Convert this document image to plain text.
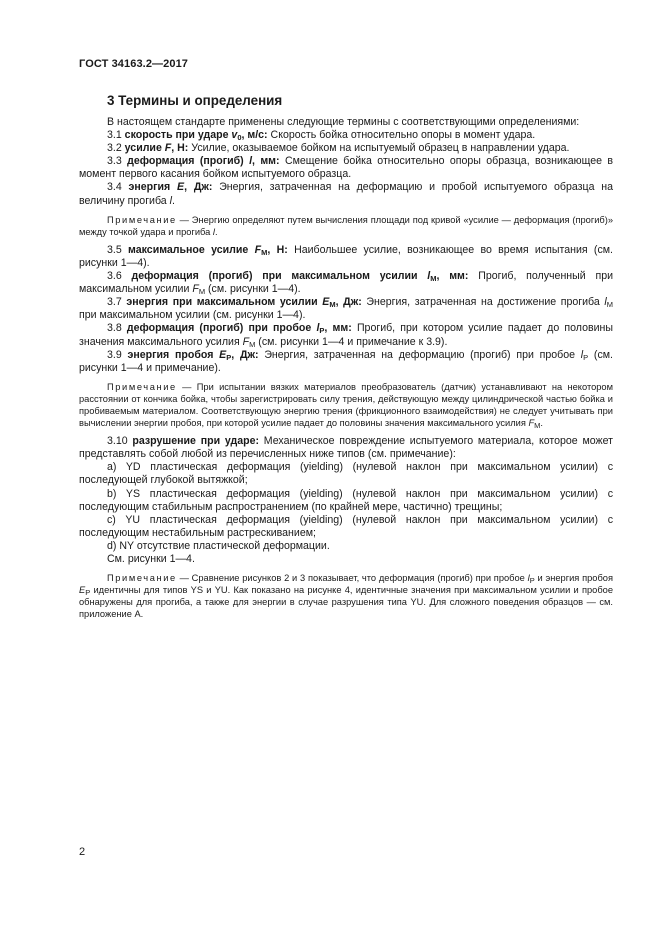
ГОСТ 34163.2—2017
3 Термины и определения

В настоящем стандарте применены следующие термины с соответствующими определениями:

3.1 скорость при ударе $v_0$, м/с: Скорость бойка относительно опоры в момент удара.

3.2 усилие F, Н: Усилие, оказываемое бойком на испытуемый образец в направлении удара.

3.3 деформация (прогиб) l, мм: Смещение бойка относительно опоры образца, возникающее в момент первого касания бойком испытуемого образца.

3.4 энергия E, Дж: Энергия, затраченная на деформацию и пробой испытуемого образца на величину прогиба l.

Примечание — Энергию определяют путем вычисления площади под кривой «усилие — деформация (прогиб)» между точкой удара и прогиба l.

3.5 максимальное усилие $F_M$, Н: Наибольшее усилие, возникающее во время испытания (см. рисунки 1—4).

3.6 деформация (прогиб) при максимальном усилии $l_M$, мм: Прогиб, полученный при максимальном усилии $F_M$ (см. рисунки 1—4).

3.7 энергия при максимальном усилии $E_M$, Дж: Энергия, затраченная на достижение прогиба $l_M$ при максимальном усилии (см. рисунки 1—4).

3.8 деформация (прогиб) при пробое $l_P$, мм: Прогиб, при котором усилие падает до половины значения максимального усилия $F_M$ (см. рисунки 1—4 и примечание к 3.9).

3.9 энергия пробоя $E_P$, Дж: Энергия, затраченная на деформацию (прогиб) при пробое $l_P$ (см. рисунки 1—4 и примечание).

Примечание — При испытании вязких материалов преобразователь (датчик) устанавливают на некотором расстоянии от кончика бойка, чтобы зарегистрировать силу трения, действующую между цилиндрической частью бойка и пробиваемым материалом. Соответствующую энергию трения (фрикционного взаимодействия) не следует учитывать при вычислении энергии пробоя, при которой усилие падает до половины значения максимального усилия $F_M$.

3.10 разрушение при ударе: Механическое повреждение испытуемого материала, которое может представлять собой любой из перечисленных ниже типов (см. примечание):

a) YD пластическая деформация (yielding) (нулевой наклон при максимальном усилии) с последующей глубокой вытяжкой;

b) YS пластическая деформация (yielding) (нулевой наклон при максимальном усилии) с последующим стабильным распространением (по крайней мере, частично) трещины;

c) YU пластическая деформация (yielding) (нулевой наклон при максимальном усилии) с последующим нестабильным растрескиванием;

d) NY отсутствие пластической деформации.

См. рисунки 1—4.

Примечание — Сравнение рисунков 2 и 3 показывает, что деформация (прогиб) при пробое $l_P$ и энергия пробоя $E_P$ идентичны для типов YS и YU. Как показано на рисунке 4, идентичные значения при максимальном усилии и пробое обнаружены для прогиба, а также для энергии в случае разрушения типа YU. Для сложного поведения образцов — см. приложение А.
2
